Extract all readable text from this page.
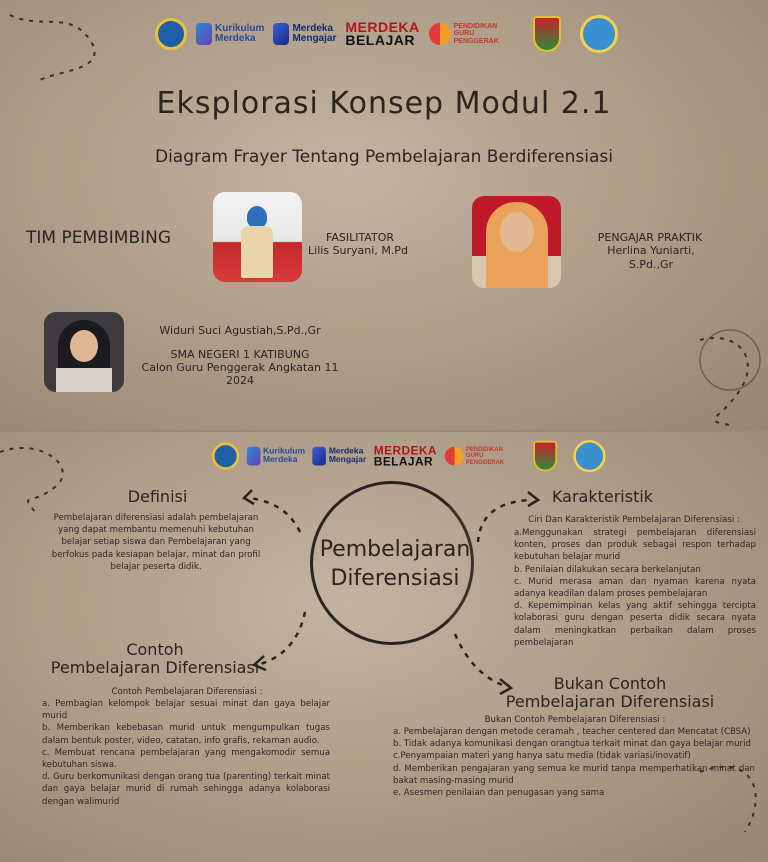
Kurikulum
Merdeka
Merdeka
Mengajar
MERDEKA
BELAJAR
PENDIDIKAN GURU PENGGERAK
Eksplorasi Konsep Modul 2.1
Diagram Frayer Tentang Pembelajaran Berdiferensiasi
TIM PEMBIMBING	FASILITATOR
Lilis Suryani, M.Pd
PENGAJAR PRAKTIK
Herlina Yuniarti, S.Pd.,Gr
Widuri Suci Agustiah,S.Pd.,Gr
SMA NEGERI 1 KATIBUNG
Calon Guru Penggerak Angkatan 11
2024
Kurikulum
Merdeka
Merdeka
Mengajar
MERDEKA
BELAJAR
PENDIDIKAN GURU PENGGERAK
Pembelajaran
Diferensiasi
Definisi
Pembelajaran diferensiasi adalah pembelajaran yang dapat membantu memenuhi kebutuhan belajar setiap siswa dan Pembelajaran yang berfokus pada kesiapan belajar, minat dan profil belajar peserta didik.
Karakteristik
Ciri Dan Karakteristik Pembelajaran Diferensiasi :
a.Menggunakan strategi pembelajaran diferensiasi konten, proses dan produk sebagai respon terhadap kebutuhan belajar murid
b. Penilaian dilakukan secara berkelanjutan
c. Murid merasa aman dan nyaman karena nyata adanya keadilan dalam proses pembelajaran
d. Kepemimpinan kelas yang aktif sehingga tercipta kolaborasi guru dengan peserta didik secara nyata dalam meningkatkan perbaikan dalam proses pembelajaran
Contoh
Pembelajaran Diferensiasi
Contoh Pembelajaran Diferensiasi :
a. Pembagian kelompok belajar sesuai minat dan gaya belajar murid
b. Memberikan kebebasan murid untuk mengumpulkan tugas dalam bentuk poster, video, catatan, info grafis, rekaman audio.
c. Membuat rencana pembelajaran yang mengakomodir semua kebutuhan siswa.
d. Guru berkomunikasi dengan orang tua (parenting) terkait minat dan gaya belajar murid di rumah sehingga adanya kolaborasi dengan walimurid
Bukan Contoh
Pembelajaran Diferensiasi
Bukan Contoh Pembelajaran Diferensiasi :
a. Pembelajaran dengan metode ceramah , teacher centered dan Mencatat (CBSA)
b. Tidak adanya komunikasi dengan orangtua terkait minat dan gaya belajar murid
c.Penyampaian materi yang hanya satu media (tidak variasi/inovatif)
d. Memberikan pengajaran yang semua ke murid tanpa memperhatikan minat dan bakat masing-masing murid
e. Asesmen penilaian dan penugasan yang sama
